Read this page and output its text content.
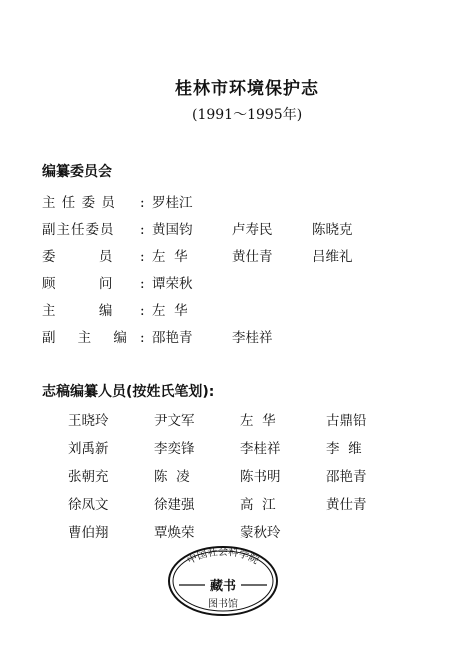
桂林市环境保护志
(1991～1995年)
编纂委员会
主 任 委 员 : 罗桂江
副主任委员 : 黄国钧	卢寿民	陈晓克
委        员 : 左  华	黄仕青	吕维礼
顾        问 : 谭荣秋
主        编 : 左  华
副    主    编 : 邵艳青	李桂祥
志稿编纂人员(按姓氏笔划):
王晓玲	尹文军	左  华	古鼎铅
刘禹新	李奕锋	李桂祥	李  维
张朝充	陈  凌	陈书明	邵艳青
徐凤文	徐建强	高  江	黄仕青
曹伯翔	覃焕荣	蒙秋玲
中国社会科学院
藏书
图书馆
